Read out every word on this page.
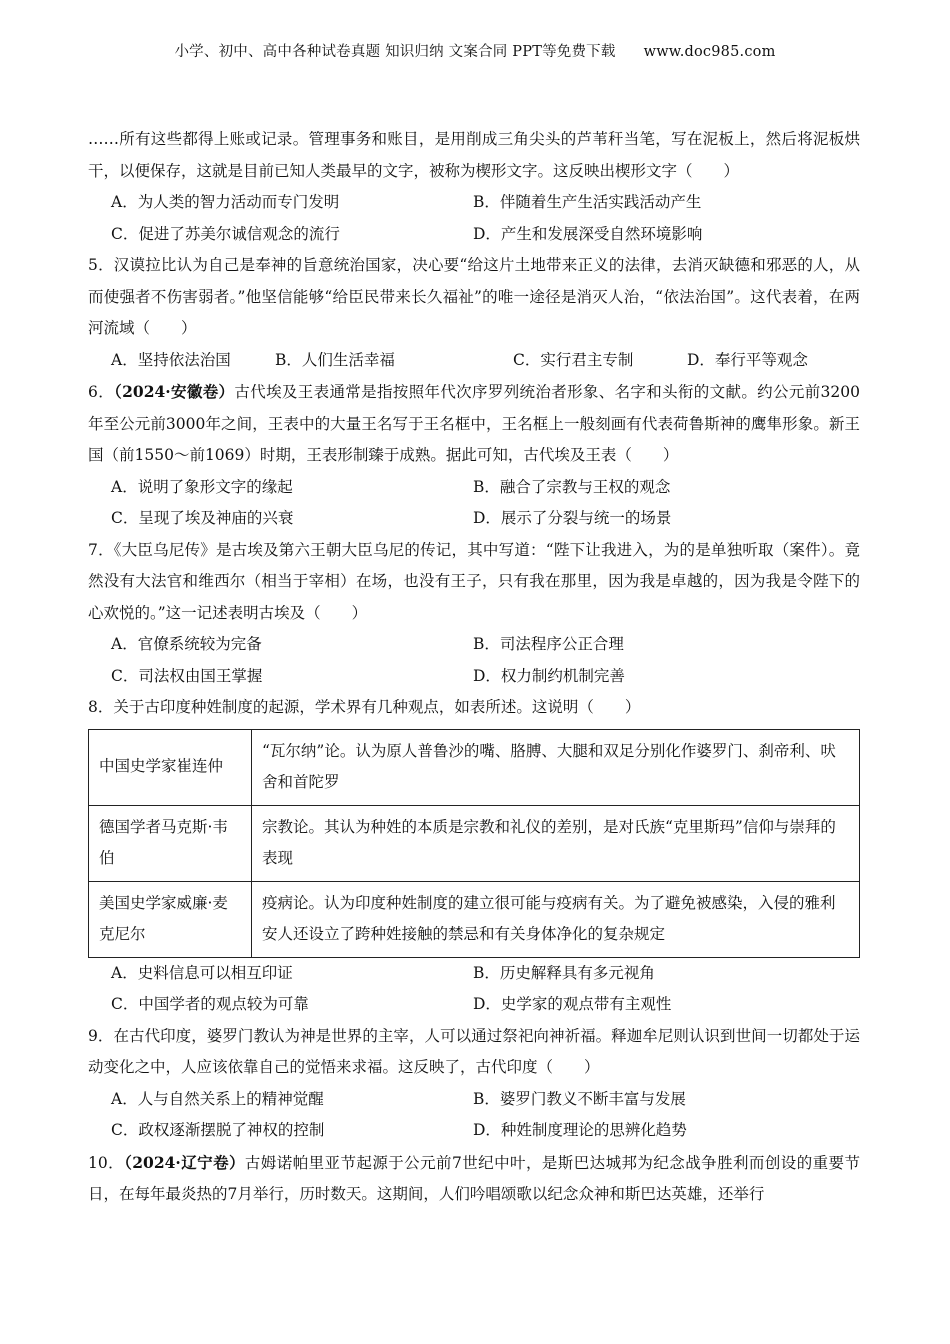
小学、初中、高中各种试卷真题 知识归纳 文案合同 PPT等免费下载 www.doc985.com

……所有这些都得上账或记录。管理事务和账目，是用削成三角尖头的芦苇秆当笔，写在泥板上，然后将泥板烘干，以便保存，这就是目前已知人类最早的文字，被称为楔形文字。这反映出楔形文字（　　）

A．为人类的智力活动而专门发明	B．伴随着生产生活实践活动产生
C．促进了苏美尔诚信观念的流行	D．产生和发展深受自然环境影响

5．汉谟拉比认为自己是奉神的旨意统治国家，决心要“给这片土地带来正义的法律，去消灭缺德和邪恶的人，从而使强者不伤害弱者。”他坚信能够“给臣民带来长久福祉”的唯一途径是消灭人治，“依法治国”。这代表着，在两河流域（　　）

A．坚持依法治国	B．人们生活幸福	C．实行君主专制	D．奉行平等观念

6．（2024·安徽卷）古代埃及王表通常是指按照年代次序罗列统治者形象、名字和头衔的文献。约公元前3200年至公元前3000年之间，王表中的大量王名写于王名框中，王名框上一般刻画有代表荷鲁斯神的鹰隼形象。新王国（前1550～前1069）时期，王表形制臻于成熟。据此可知，古代埃及王表（　　）

A．说明了象形文字的缘起	B．融合了宗教与王权的观念
C．呈现了埃及神庙的兴衰	D．展示了分裂与统一的场景

7．《大臣乌尼传》是古埃及第六王朝大臣乌尼的传记，其中写道：“陛下让我进入，为的是单独听取（案件）。竟然没有大法官和维西尔（相当于宰相）在场，也没有王子，只有我在那里，因为我是卓越的，因为我是令陛下的心欢悦的。”这一记述表明古埃及（　　）

A．官僚系统较为完备	B．司法程序公正合理
C．司法权由国王掌握	D．权力制约机制完善

8．关于古印度种姓制度的起源，学术界有几种观点，如表所述。这说明（　　）

中国史学家崔连仲	“瓦尔纳”论。认为原人普鲁沙的嘴、胳膊、大腿和双足分别化作婆罗门、刹帝利、吠舍和首陀罗
德国学者马克斯·韦伯	宗教论。其认为种姓的本质是宗教和礼仪的差别，是对氏族“克里斯玛”信仰与崇拜的表现
美国史学家威廉·麦克尼尔	疫病论。认为印度种姓制度的建立很可能与疫病有关。为了避免被感染，入侵的雅利安人还设立了跨种姓接触的禁忌和有关身体净化的复杂规定
A．史料信息可以相互印证	B．历史解释具有多元视角
C．中国学者的观点较为可靠	D．史学家的观点带有主观性

9．在古代印度，婆罗门教认为神是世界的主宰，人可以通过祭祀向神祈福。释迦牟尼则认识到世间一切都处于运动变化之中，人应该依靠自己的觉悟来求福。这反映了，古代印度（　　）

A．人与自然关系上的精神觉醒	B．婆罗门教义不断丰富与发展
C．政权逐渐摆脱了神权的控制	D．种姓制度理论的思辨化趋势

10．（2024·辽宁卷）古姆诺帕里亚节起源于公元前7世纪中叶，是斯巴达城邦为纪念战争胜利而创设的重要节日，在每年最炎热的7月举行，历时数天。这期间，人们吟唱颂歌以纪念众神和斯巴达英雄，还举行
